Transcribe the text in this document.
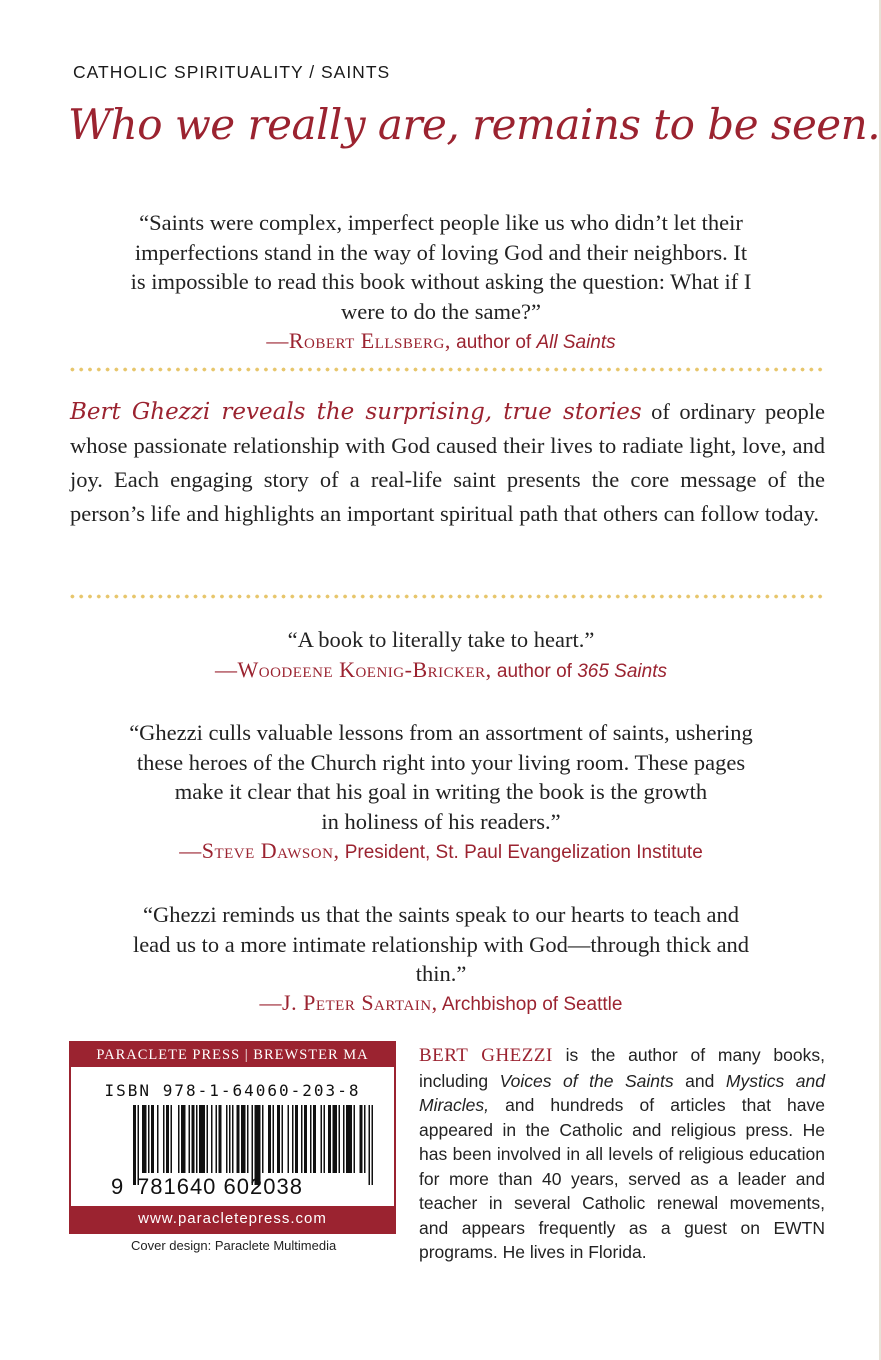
CATHOLIC SPIRITUALITY / SAINTS
Who we really are, remains to be seen.
“Saints were complex, imperfect people like us who didn’t let their
imperfections stand in the way of loving God and their neighbors. It
is impossible to read this book without asking the question: What if I
were to do the same?”
—Robert Ellsberg, author of All Saints
Bert Ghezzi reveals the surprising, true stories of ordinary people whose passionate relationship with God caused their lives to radiate light, love, and joy. Each engaging story of a real-life saint presents the core message of the person’s life and highlights an important spiritual path that others can follow today.
“A book to literally take to heart.”
—Woodeene Koenig-Bricker, author of 365 Saints
“Ghezzi culls valuable lessons from an assortment of saints, ushering
these heroes of the Church right into your living room. These pages
make it clear that his goal in writing the book is the growth
in holiness of his readers.”
—Steve Dawson, President, St. Paul Evangelization Institute
“Ghezzi reminds us that the saints speak to our hearts to teach and
lead us to a more intimate relationship with God—through thick and
thin.”
—J. Peter Sartain, Archbishop of Seattle
PARACLETE PRESS | BREWSTER MA
ISBN 978-1-64060-203-8
9 781640 602038
www.paracletepress.com
Cover design: Paraclete Multimedia
BERT GHEZZI is the author of many books, including Voices of the Saints and Mystics and Miracles, and hundreds of articles that have appeared in the Catholic and religious press. He has been involved in all levels of religious education for more than 40 years, served as a leader and teacher in several Catholic renewal movements, and appears frequently as a guest on EWTN programs. He lives in Florida.
